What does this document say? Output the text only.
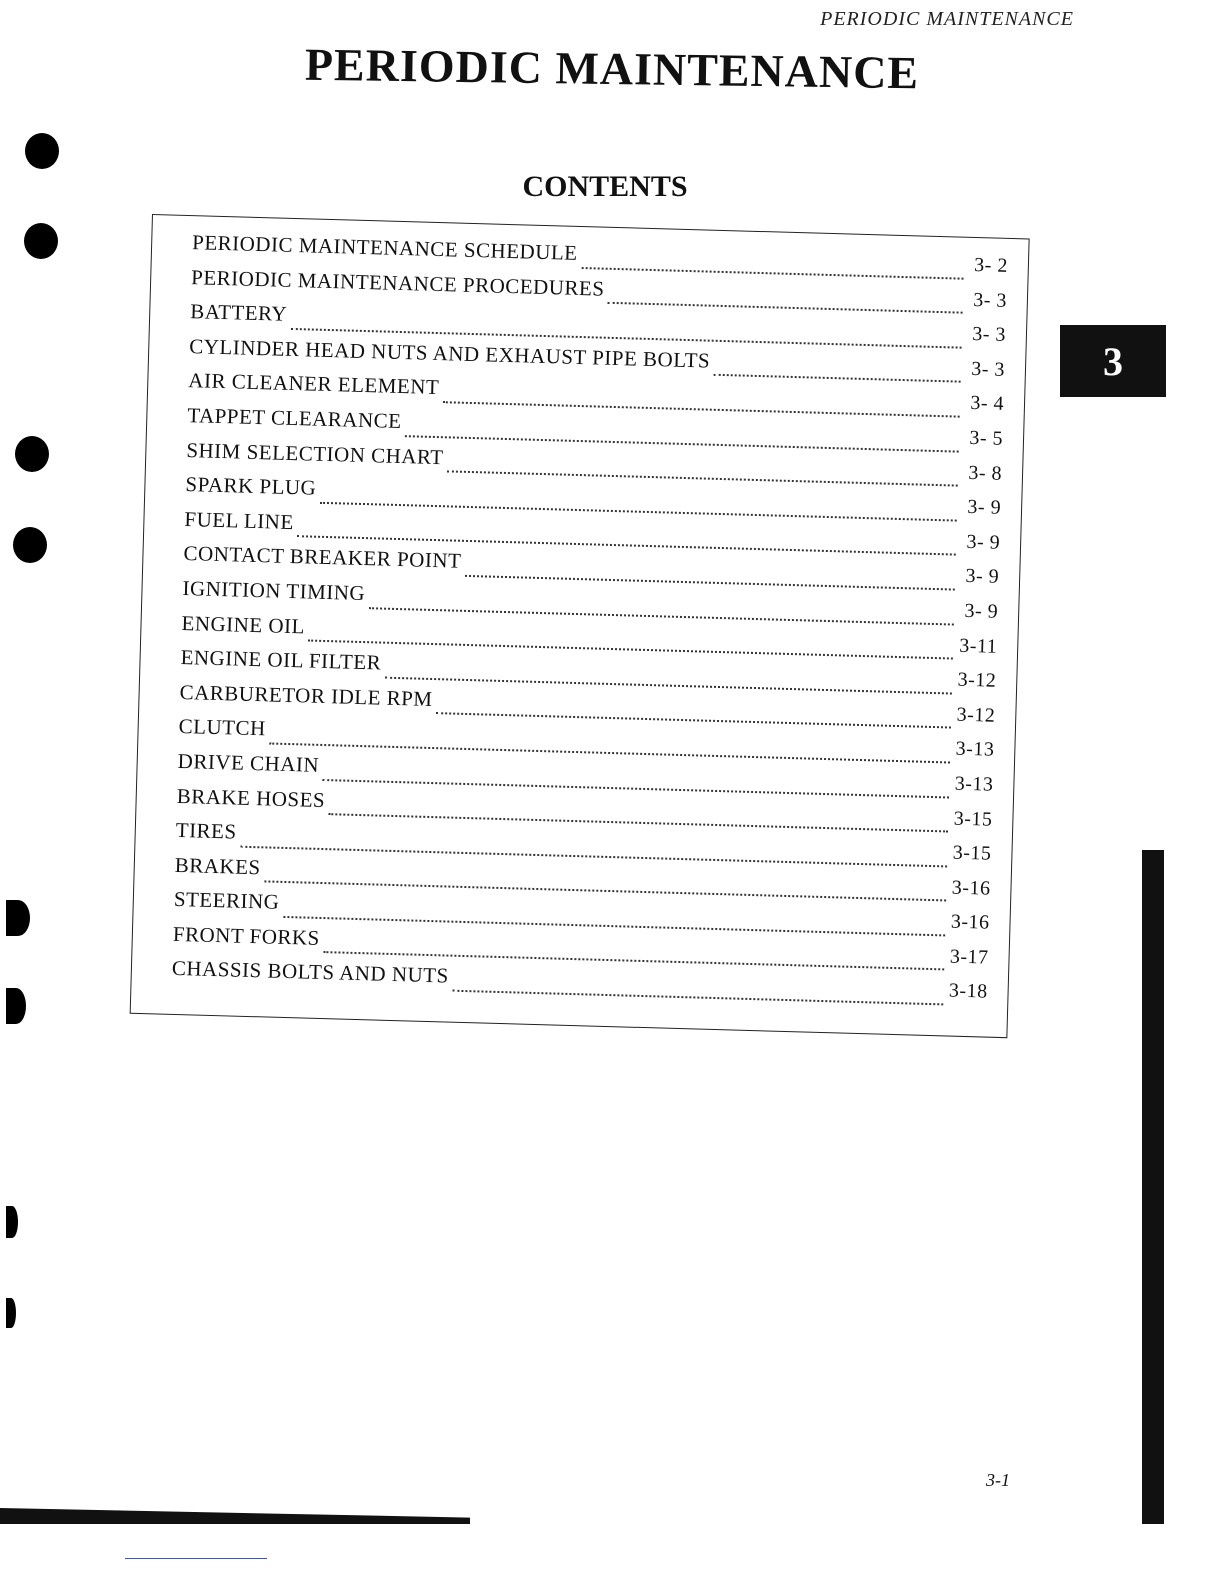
PERIODIC MAINTENANCE
PERIODIC MAINTENANCE
CONTENTS
PERIODIC MAINTENANCE SCHEDULE
3- 2
PERIODIC MAINTENANCE PROCEDURES	3- 3
BATTERY
3- 3
CYLINDER HEAD NUTS AND EXHAUST PIPE BOLTS	3- 3
AIR CLEANER ELEMENT
3- 4
TAPPET CLEARANCE
3- 5
SHIM SELECTION CHART
3- 8
SPARK PLUG
3- 9
FUEL LINE
3- 9
CONTACT BREAKER POINT
3- 9
IGNITION TIMING
3- 9
ENGINE OIL
3-11
ENGINE OIL FILTER
3-12
CARBURETOR IDLE RPM
3-12
CLUTCH
3-13
DRIVE CHAIN
3-13
BRAKE HOSES
3-15
TIRES
3-15
BRAKES
3-16
STEERING
3-16
FRONT FORKS
3-17
CHASSIS BOLTS AND NUTS
3-18
3
3-1
